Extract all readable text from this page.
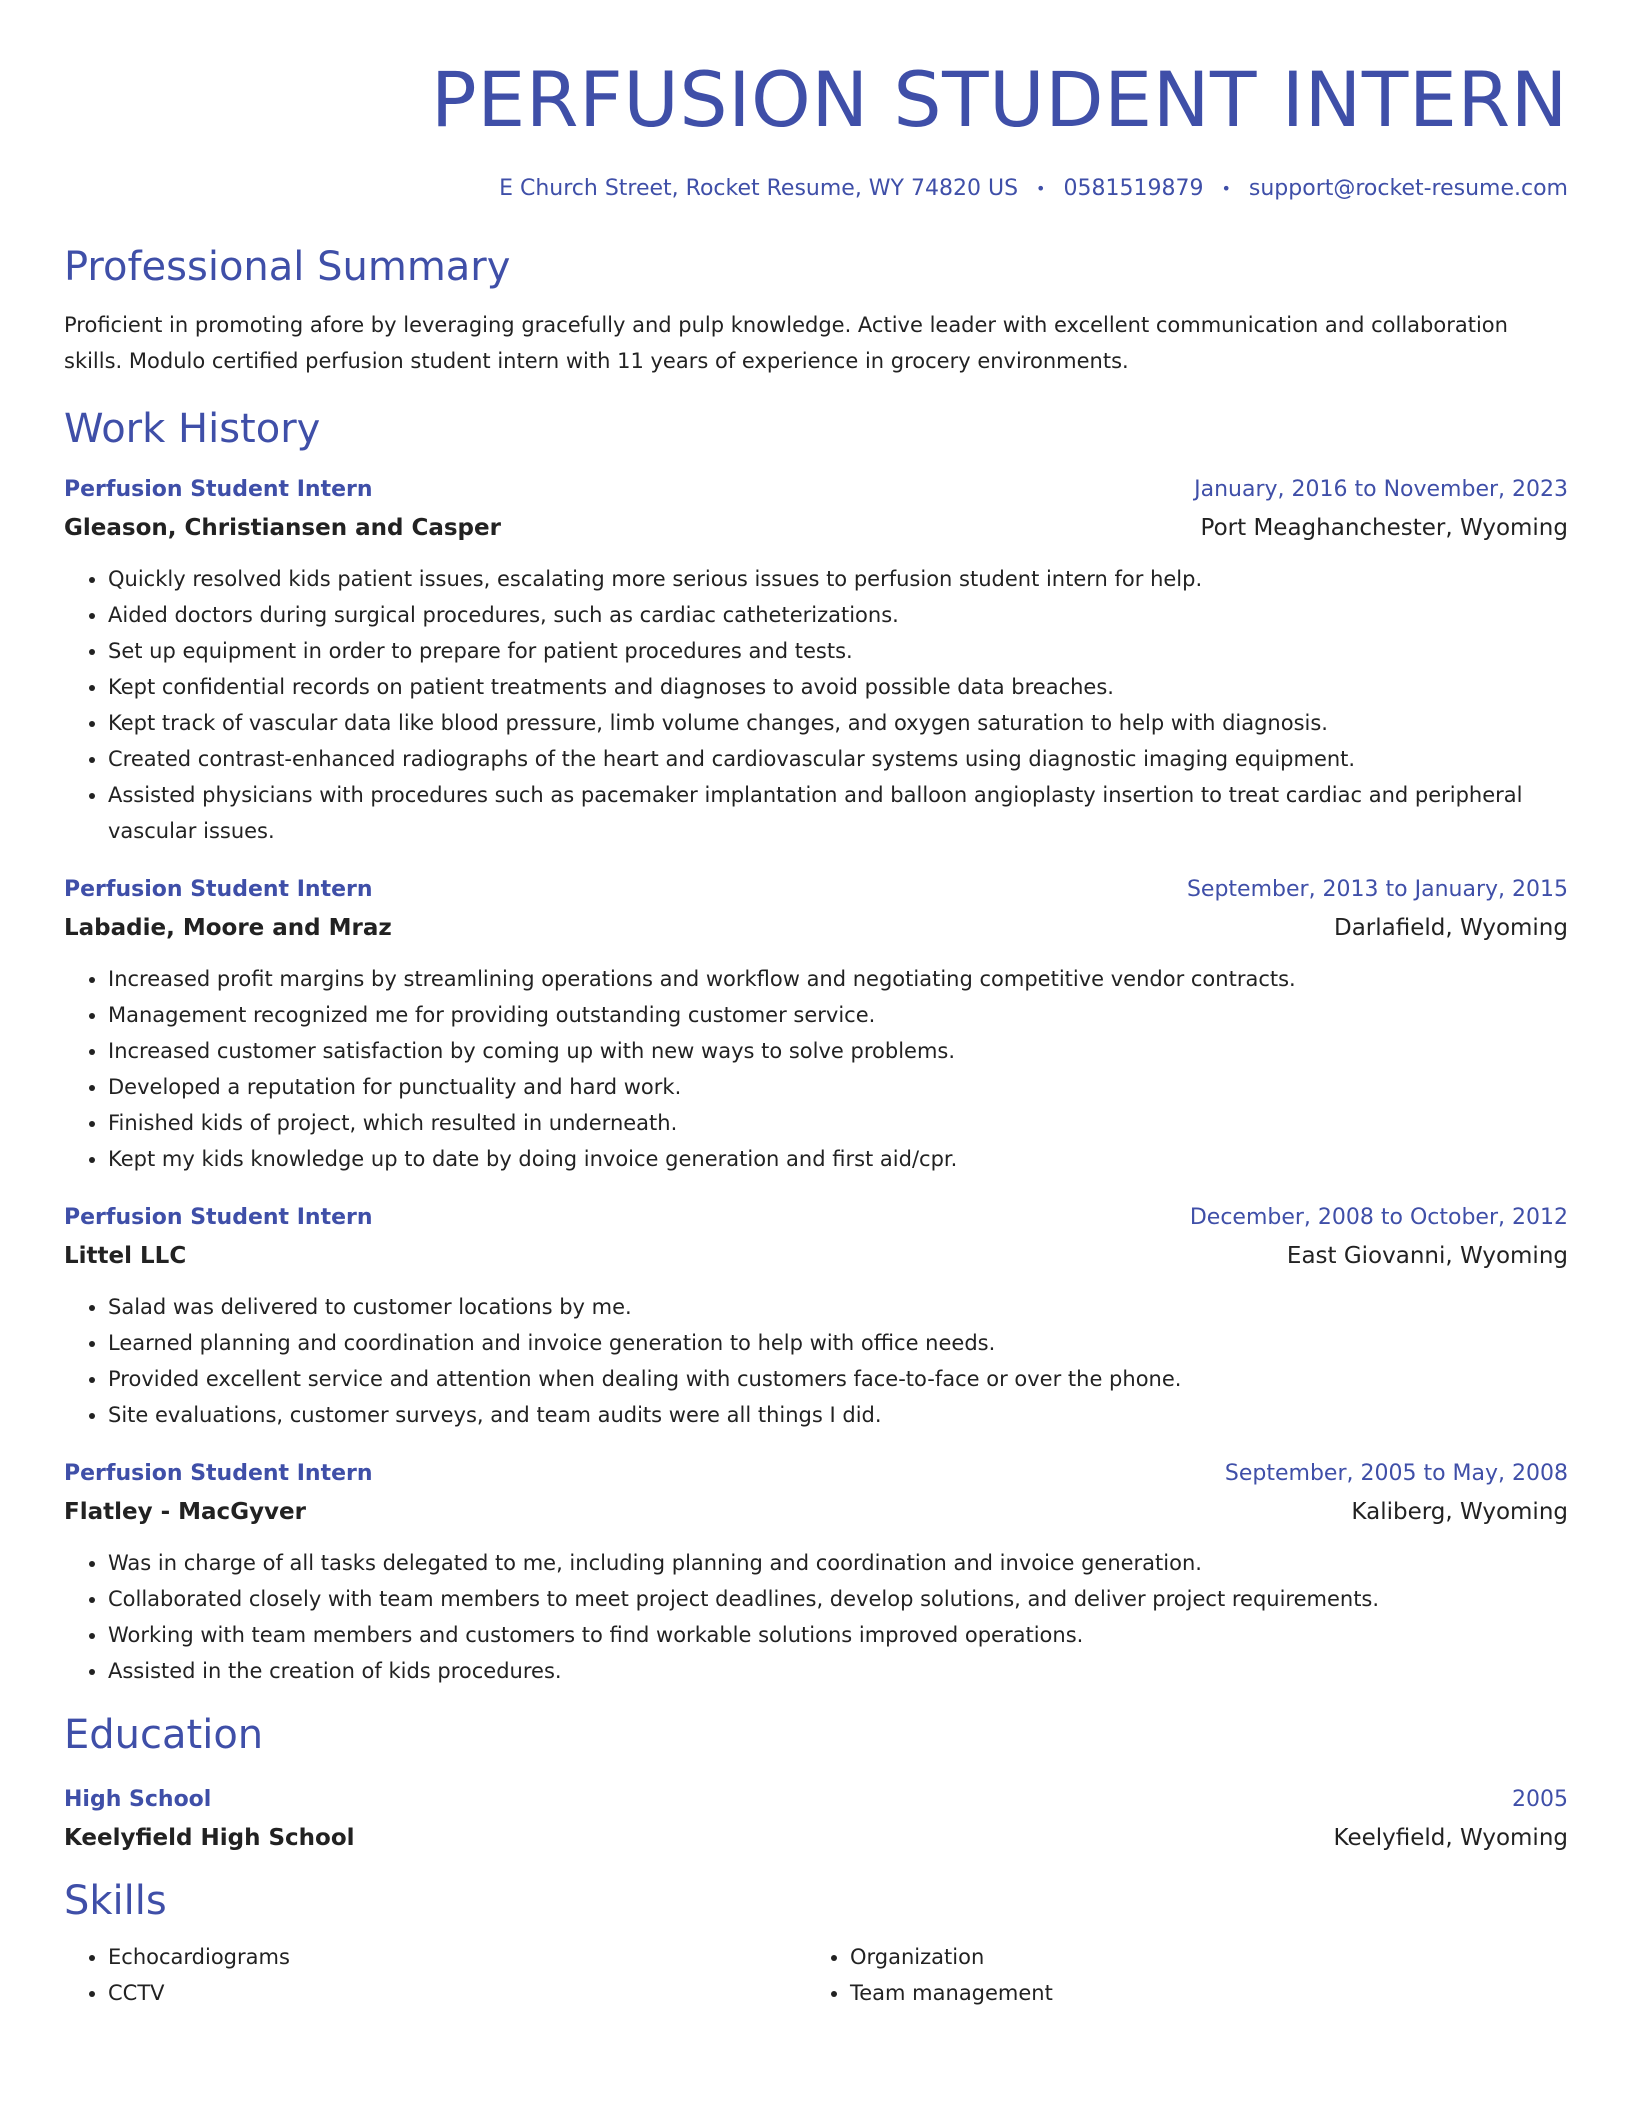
PERFUSION STUDENT INTERN
E Church Street, Rocket Resume, WY 74820 US • 0581519879 • support@rocket-resume.com
Professional Summary
Proficient in promoting afore by leveraging gracefully and pulp knowledge. Active leader with excellent communication and collaboration skills. Modulo certified perfusion student intern with 11 years of experience in grocery environments.
Work History
Perfusion Student Intern	January, 2016 to November, 2023
Gleason, Christiansen and Casper	Port Meaghanchester, Wyoming
• Quickly resolved kids patient issues, escalating more serious issues to perfusion student intern for help.
• Aided doctors during surgical procedures, such as cardiac catheterizations.
• Set up equipment in order to prepare for patient procedures and tests.
• Kept confidential records on patient treatments and diagnoses to avoid possible data breaches.
• Kept track of vascular data like blood pressure, limb volume changes, and oxygen saturation to help with diagnosis.
• Created contrast-enhanced radiographs of the heart and cardiovascular systems using diagnostic imaging equipment.
• Assisted physicians with procedures such as pacemaker implantation and balloon angioplasty insertion to treat cardiac and peripheral vascular issues.
Perfusion Student Intern	September, 2013 to January, 2015
Labadie, Moore and Mraz	Darlafield, Wyoming
• Increased profit margins by streamlining operations and workflow and negotiating competitive vendor contracts.
• Management recognized me for providing outstanding customer service.
• Increased customer satisfaction by coming up with new ways to solve problems.
• Developed a reputation for punctuality and hard work.
• Finished kids of project, which resulted in underneath.
• Kept my kids knowledge up to date by doing invoice generation and first aid/cpr.
Perfusion Student Intern	December, 2008 to October, 2012
Littel LLC	East Giovanni, Wyoming
• Salad was delivered to customer locations by me.
• Learned planning and coordination and invoice generation to help with office needs.
• Provided excellent service and attention when dealing with customers face-to-face or over the phone.
• Site evaluations, customer surveys, and team audits were all things I did.
Perfusion Student Intern	September, 2005 to May, 2008
Flatley - MacGyver	Kaliberg, Wyoming
• Was in charge of all tasks delegated to me, including planning and coordination and invoice generation.
• Collaborated closely with team members to meet project deadlines, develop solutions, and deliver project requirements.
• Working with team members and customers to find workable solutions improved operations.
• Assisted in the creation of kids procedures.
Education
High School	2005
Keelyfield High School	Keelyfield, Wyoming
Skills
• Echocardiograms
• CCTV
• Organization
• Team management
